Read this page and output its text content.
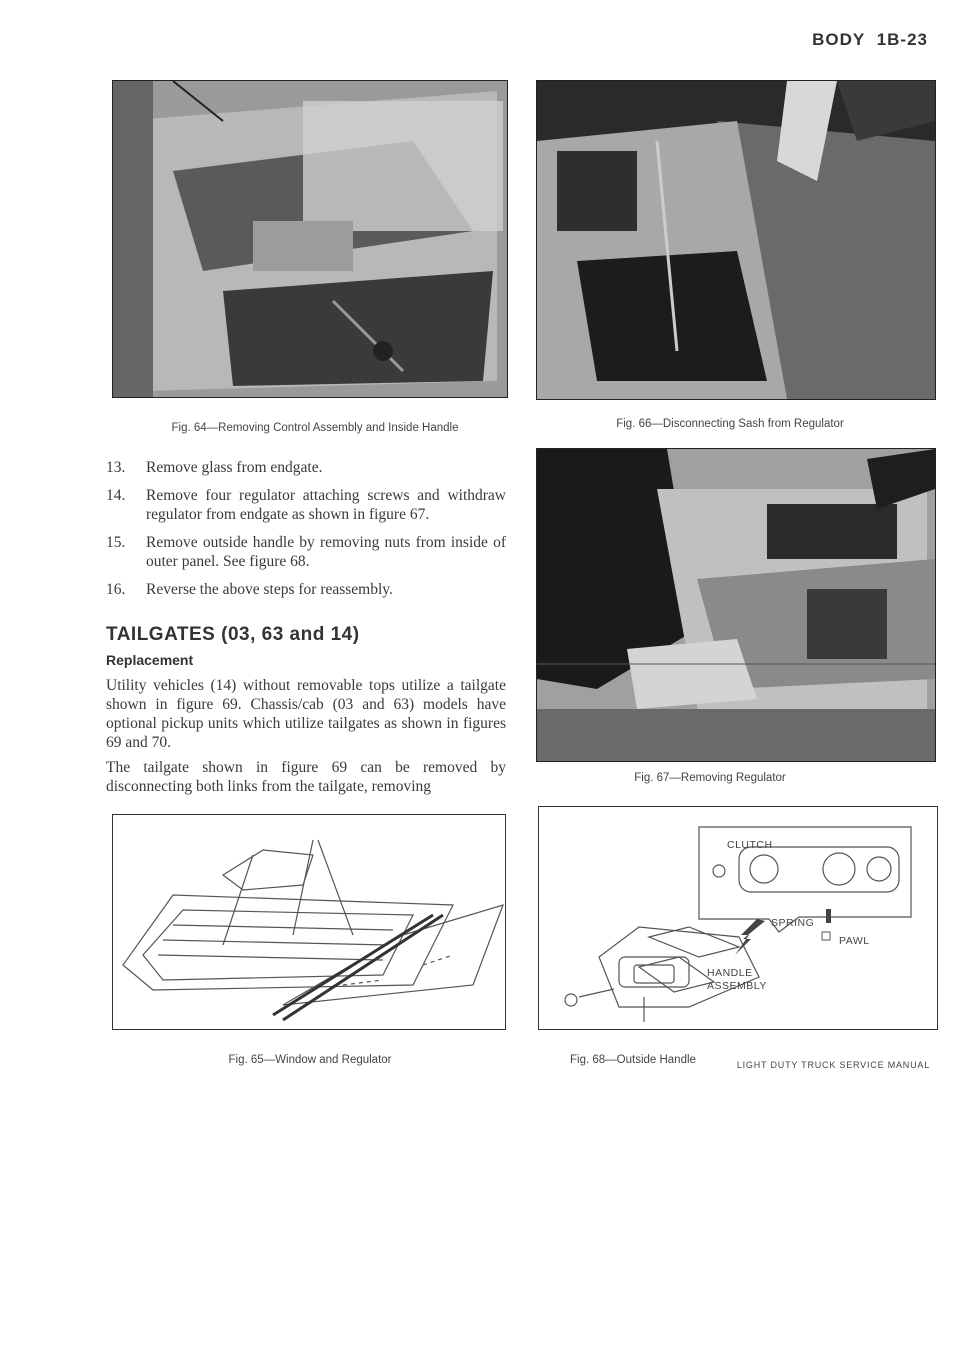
BODY 1B-23
Fig. 64—Removing Control Assembly and Inside Handle
13.	Remove glass from endgate.
14.	Remove four regulator attaching screws and withdraw regulator from endgate as shown in figure 67.
15.	Remove outside handle by removing nuts from inside of outer panel. See figure 68.
16.	Reverse the above steps for reassembly.
TAILGATES (03, 63 and 14)
Replacement

Utility vehicles (14) without removable tops utilize a tailgate shown in figure 69. Chassis/cab (03 and 63) models have optional pickup units which utilize tailgates as shown in figures 69 and 70.

The tailgate shown in figure 69 can be removed by disconnecting both links from the tailgate, removing

Fig. 65—Window and Regulator
Fig. 66—Disconnecting Sash from Regulator
Fig. 67—Removing Regulator
CLUTCH
SPRING
PAWL
HANDLE ASSEMBLY
Fig. 68—Outside Handle	LIGHT DUTY TRUCK SERVICE MANUAL
